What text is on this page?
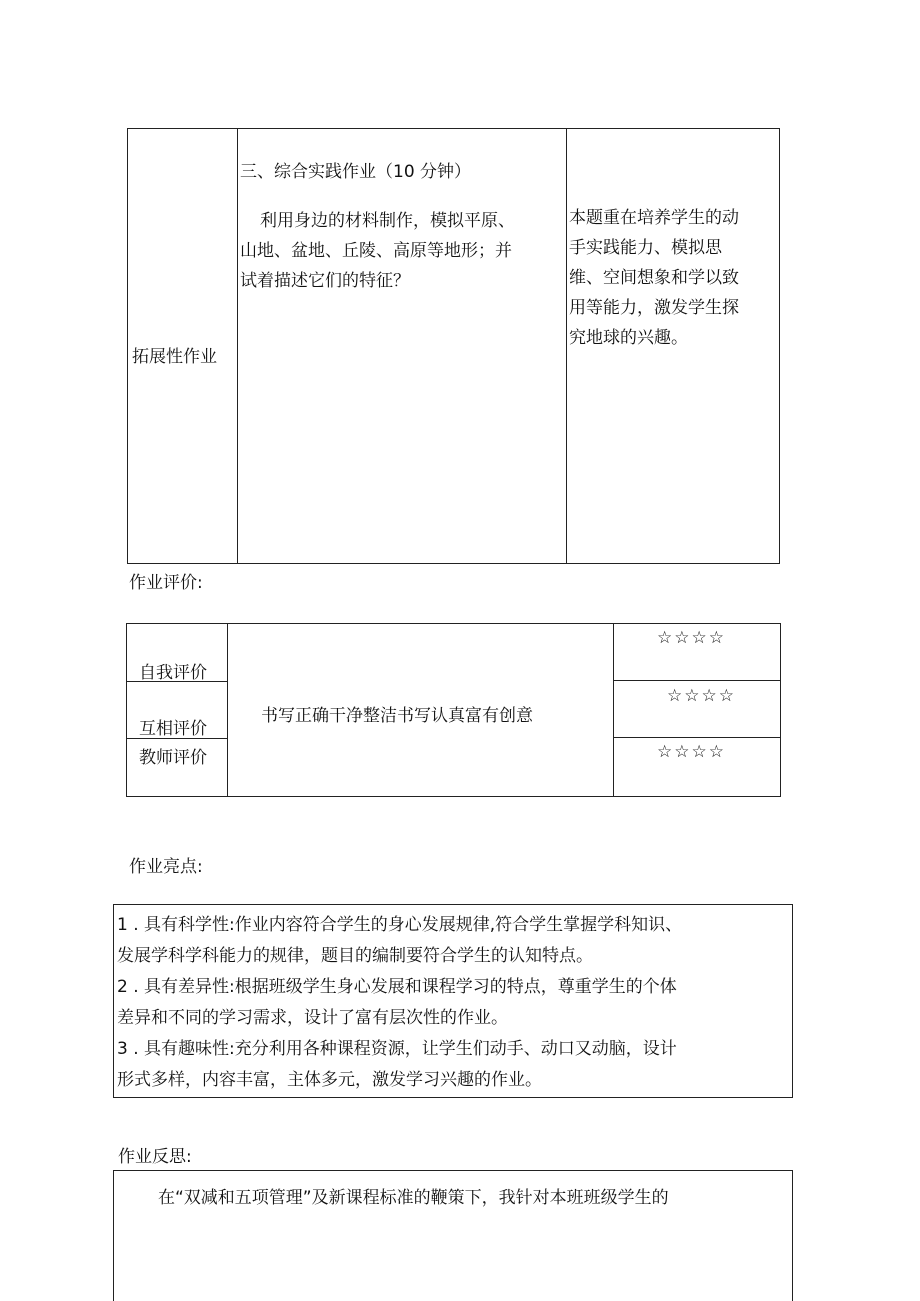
拓展性作业
三、综合实践作业（10 分钟）
利用身边的材料制作，模拟平原、
山地、盆地、丘陵、高原等地形；并
试着描述它们的特征？
本题重在培养学生的动
手实践能力、模拟思
维、空间想象和学以致
用等能力，激发学生探
究地球的兴趣。
作业评价:
自我评价
互相评价
教师评价
书写正确干净整洁书写认真富有创意
☆☆☆☆
☆☆☆☆
☆☆☆☆
作业亮点:
1 . 具有科学性:作业内容符合学生的身心发展规律,符合学生掌握学科知识、
发展学科学科能力的规律，题目的编制要符合学生的认知特点。
2 . 具有差异性:根据班级学生身心发展和课程学习的特点，尊重学生的个体
差异和不同的学习需求，设计了富有层次性的作业。
3 . 具有趣味性:充分利用各种课程资源，让学生们动手、动口又动脑，设计
形式多样，内容丰富，主体多元，激发学习兴趣的作业。
作业反思:
在“双减和五项管理”及新课程标准的鞭策下，我针对本班班级学生的
